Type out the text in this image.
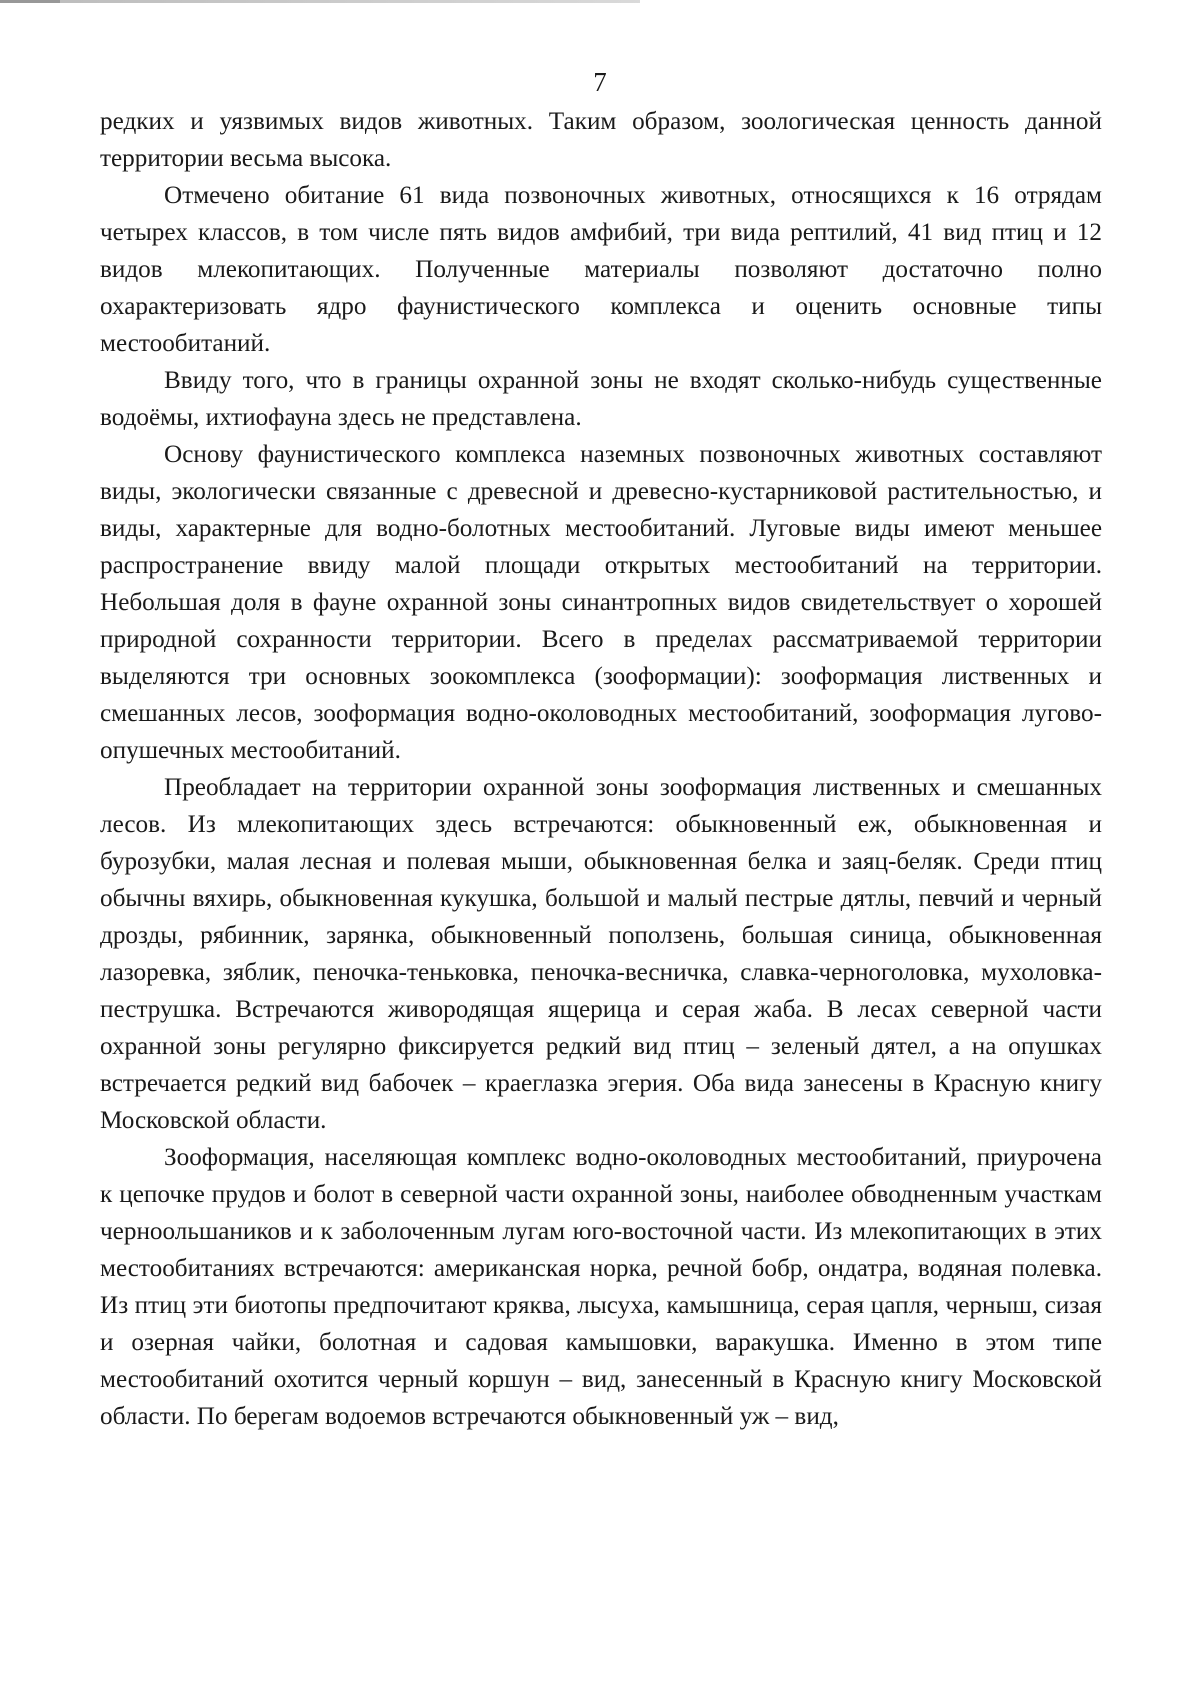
7

редких и уязвимых видов животных. Таким образом, зоологическая ценность данной территории весьма высока.

Отмечено обитание 61 вида позвоночных животных, относящихся к 16 отрядам четырех классов, в том числе пять видов амфибий, три вида рептилий, 41 вид птиц и 12 видов млекопитающих. Полученные материалы позволяют достаточно полно охарактеризовать ядро фаунистического комплекса и оценить основные типы местообитаний.

Ввиду того, что в границы охранной зоны не входят сколько-нибудь существенные водоёмы, ихтиофауна здесь не представлена.

Основу фаунистического комплекса наземных позвоночных животных составляют виды, экологически связанные с древесной и древесно-кустарниковой растительностью, и виды, характерные для водно-болотных местообитаний. Луговые виды имеют меньшее распространение ввиду малой площади открытых местообитаний на территории. Небольшая доля в фауне охранной зоны синантропных видов свидетельствует о хорошей природной сохранности территории. Всего в пределах рассматриваемой территории выделяются три основных зоокомплекса (зооформации): зооформация лиственных и смешанных лесов, зооформация водно-околоводных местообитаний, зооформация лугово-опушечных местообитаний.

Преобладает на территории охранной зоны зооформация лиственных и смешанных лесов. Из млекопитающих здесь встречаются: обыкновенный еж, обыкновенная и бурозубки, малая лесная и полевая мыши, обыкновенная белка и заяц-беляк. Среди птиц обычны вяхирь, обыкновенная кукушка, большой и малый пестрые дятлы, певчий и черный дрозды, рябинник, зарянка, обыкновенный поползень, большая синица, обыкновенная лазоревка, зяблик, пеночка-теньковка, пеночка-весничка, славка-черноголовка, мухоловка-пеструшка. Встречаются живородящая ящерица и серая жаба. В лесах северной части охранной зоны регулярно фиксируется редкий вид птиц – зеленый дятел, а на опушках встречается редкий вид бабочек – краеглазка эгерия. Оба вида занесены в Красную книгу Московской области.

Зооформация, населяющая комплекс водно-околоводных местообитаний, приурочена к цепочке прудов и болот в северной части охранной зоны, наиболее обводненным участкам черноольшаников и к заболоченным лугам юго-восточной части. Из млекопитающих в этих местообитаниях встречаются: американская норка, речной бобр, ондатра, водяная полевка. Из птиц эти биотопы предпочитают кряква, лысуха, камышница, серая цапля, черныш, сизая и озерная чайки, болотная и садовая камышовки, варакушка. Именно в этом типе местообитаний охотится черный коршун – вид, занесенный в Красную книгу Московской области. По берегам водоемов встречаются обыкновенный уж – вид,
